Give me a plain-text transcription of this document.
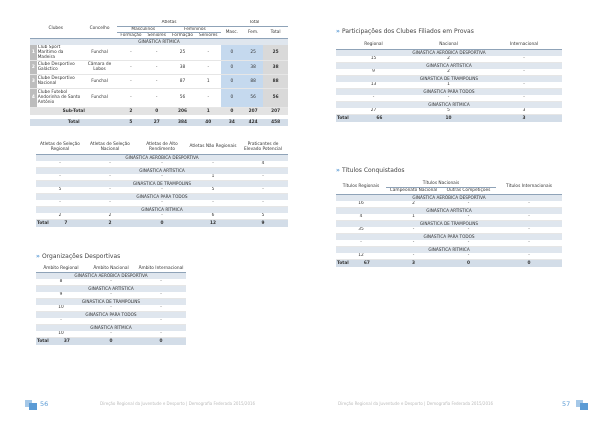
Clubes		Concelho	Atletas				Total		
			Masculinos		Femininos		Masc.	Fem.	Total
			Formação	Seniores	Formação	Seniores			
GINÁSTICA RÍTMICA									
1	Club Sport Marítimo da Madeira	Funchal	-	-	25	-	0	25	25
2	Clube Desportivo Galáctico	Câmara de Lobos	-	-	38	-	0	38	38
3	Clube Desportivo Nacional	Funchal	-	-	87	1	0	88	88
4	Clube Futebol Andorinha de Santo António	Funchal	-	-	56	-	0	56	56
Sub-Total			2	0	206	1	0	207	207

Total			5	27	384	40	34	424	458
Atletas de Seleção Regional	Atletas de Seleção Nacional	Atletas de Alto Rendimento	Atletas Não Regionais	Praticantes de Elevado Potencial
GINÁSTICA AERÓBICA DESPORTIVA				
-	-	-	-	4
GINÁSTICA ARTÍSTICA				
-	-	-	1	-
GINÁSTICA DE TRAMPOLINS				
5	-	-	5	-
GINÁSTICA PARA TODOS				
-	-	-	-	-
GINÁSTICA RÍTMICA				
2	2	-	6	5

Total 7	2	0	12	9
» Organizações Desportivas
Âmbito Regional	Âmbito Nacional	Âmbito Internacional
GINÁSTICA AERÓBICA DESPORTIVA		
8	-	-
GINÁSTICA ARTÍSTICA		
9	-	-
GINÁSTICA DE TRAMPOLINS		
10	-	-
GINÁSTICA PARA TODOS		
-	-	-
GINÁSTICA RÍTMICA		
10	-	-

Total 37	0	0
56	Direção Regional da Juventude e Desporto | Demografia Federada 2015/2016
» Participações dos Clubes Filiados em Provas
Regional	Nacional	Internacional
GINÁSTICA AERÓBICA DESPORTIVA		
15	2	-
GINÁSTICA ARTÍSTICA		
9	2	-
GINÁSTICA DE TRAMPOLINS		
13	1	-
GINÁSTICA PARA TODOS		
-	-	-
GINÁSTICA RÍTMICA		
27	5	3

Total 66	10	3
» Títulos Conquistados
Títulos Regionais	Títulos Nacionais		Títulos Internacionais
	Campeonato Nacional	Outras Competições	
GINÁSTICA AERÓBICA DESPORTIVA			
16	2	-	-
GINÁSTICA ARTÍSTICA			
4	1	-	-
GINÁSTICA DE TRAMPOLINS			
35	-	-	-
GINÁSTICA PARA TODOS			
-	-	-	-
GINÁSTICA RÍTMICA			
12	-	-	-

Total 67	3	0	0
Direção Regional da Juventude e Desporto | Demografia Federada 2015/2016	57
